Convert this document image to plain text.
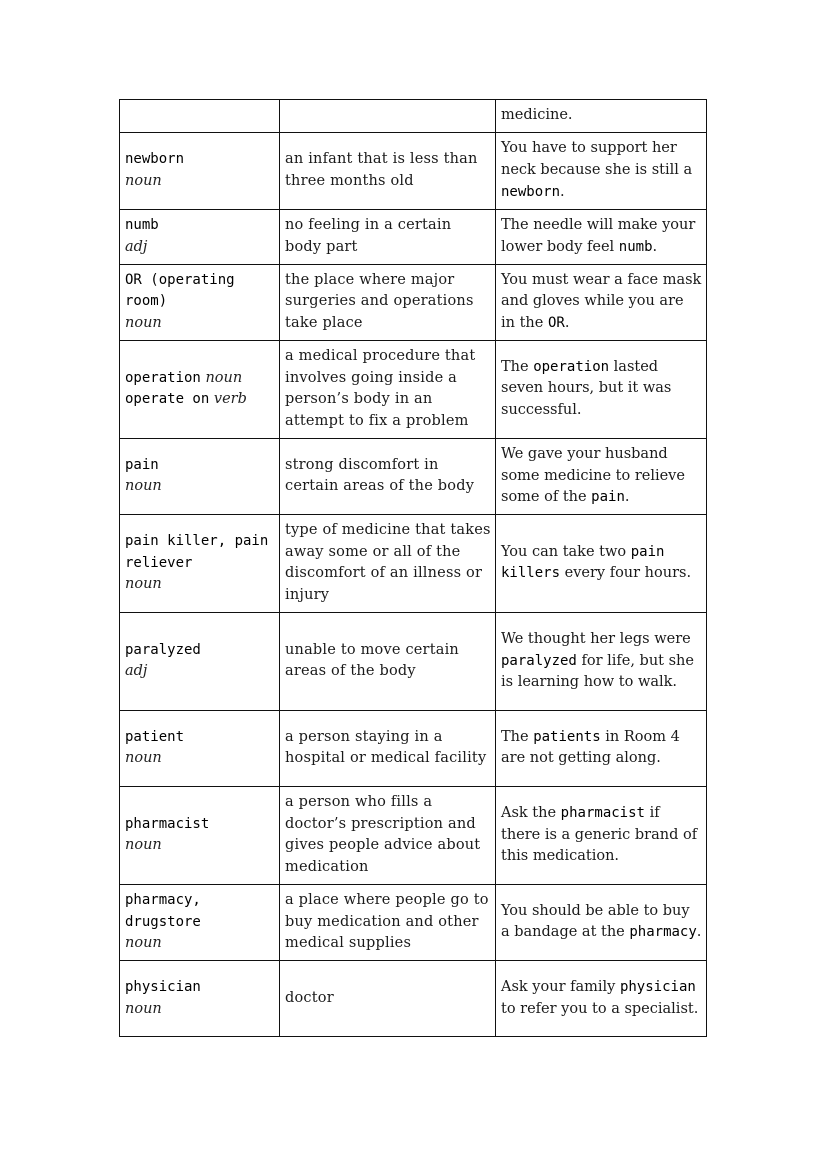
		medicine.

newborn
noun	an infant that is less than three months old	You have to support her neck because she is still a newborn.

numb
adj	no feeling in a certain body part	The needle will make your lower body feel numb.

OR (operating room)
noun	the place where major surgeries and operations take place	You must wear a face mask and gloves while you are in the OR.

operation noun
operate on verb	a medical procedure that involves going inside a person’s body in an attempt to fix a problem	The operation lasted seven hours, but it was successful.

pain
noun	strong discomfort in certain areas of the body	We gave your husband some medicine to relieve some of the pain.

pain killer, pain reliever
noun	type of medicine that takes away some or all of the discomfort of an illness or injury	You can take two pain killers every four hours.

paralyzed
adj	unable to move certain areas of the body	We thought her legs were paralyzed for life, but she is learning how to walk.

patient
noun	a person staying in a hospital or medical facility	The patients in Room 4 are not getting along.

pharmacist
noun	a person who fills a doctor’s prescription and gives people advice about medication	Ask the pharmacist if there is a generic brand of this medication.

pharmacy, drugstore
noun	a place where people go to buy medication and other medical supplies	You should be able to buy a bandage at the pharmacy.

physician
noun	doctor	Ask your family physician to refer you to a specialist.
